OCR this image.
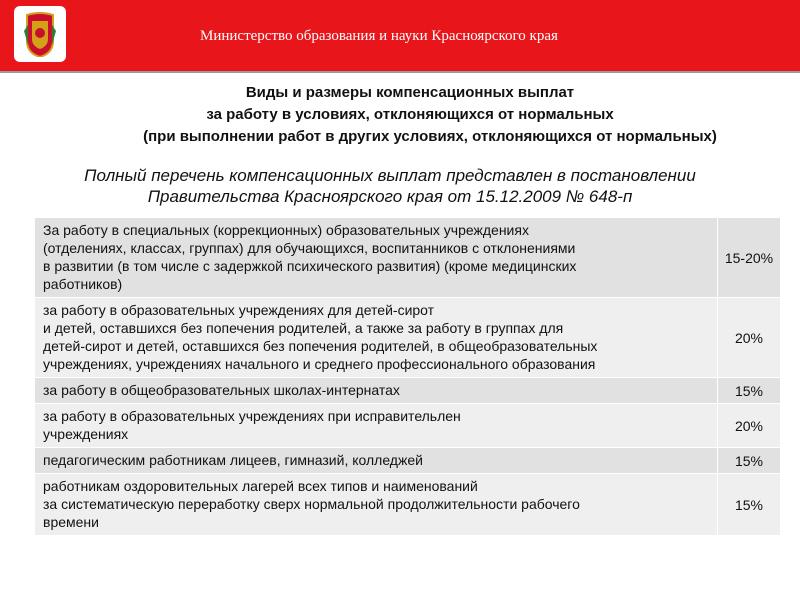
Министерство образования и науки Красноярского края
Виды и размеры компенсационных выплат
за работу в условиях, отклоняющихся от нормальных
(при выполнении работ в других условиях, отклоняющихся от нормальных)
Полный перечень компенсационных выплат представлен в постановлении
Правительства Красноярского края от 15.12.2009 № 648-п
За работу в специальных (коррекционных) образовательных учреждениях
(отделениях, классах, группах) для обучающихся, воспитанников с отклонениями
в развитии (в том числе с задержкой психического развития) (кроме медицинских
работников)	15-20%

за работу в образовательных учреждениях для детей-сирот
и детей, оставшихся без попечения родителей, а также за работу в группах для
детей-сирот и детей, оставшихся без попечения родителей, в общеобразовательных
учреждениях, учреждениях начального и среднего профессионального образования	20%

за работу в общеобразовательных школах-интернатах	15%

за работу в образовательных учреждениях при исправительлен
учреждениях	20%

педагогическим работникам лицеев, гимназий, колледжей	15%

работникам оздоровительных лагерей всех типов и наименований
за систематическую переработку сверх нормальной продолжительности рабочего
времени	15%
